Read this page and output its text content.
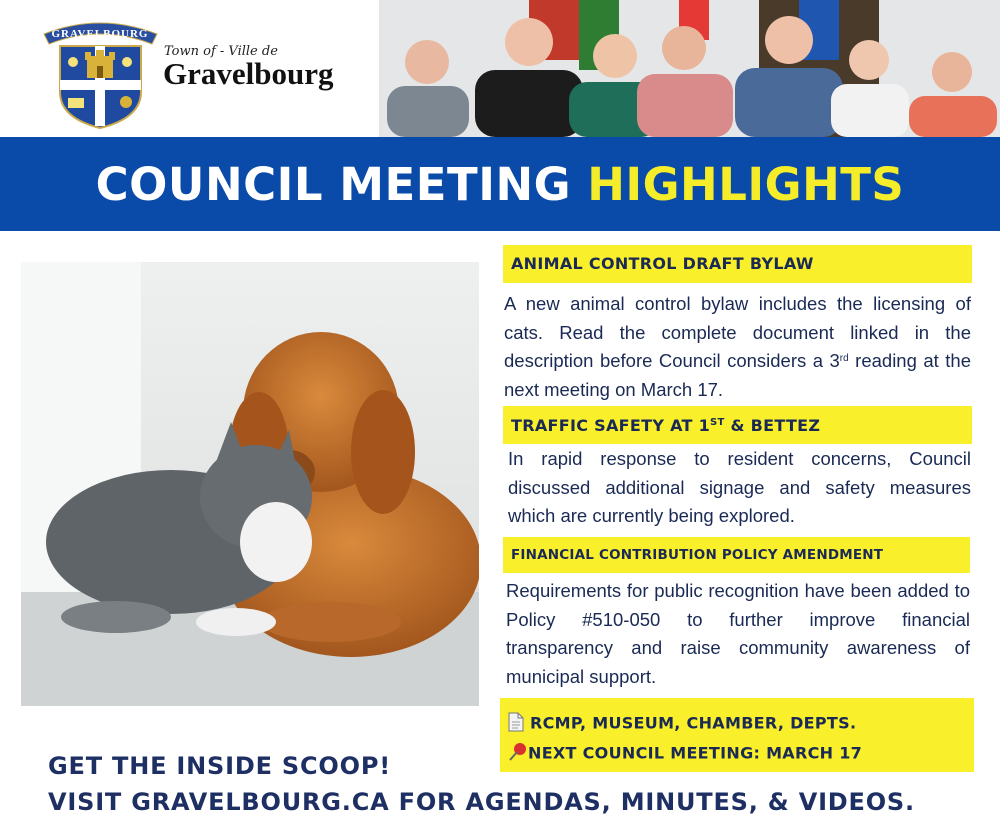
GRAVELBOURG
Town of - Ville de
Gravelbourg
COUNCIL MEETING HIGHLIGHTS
ANIMAL CONTROL DRAFT BYLAW
A new animal control bylaw includes the licensing of cats. Read the complete document linked in the description before Council considers a 3rd reading at the next meeting on March 17.
TRAFFIC SAFETY AT 1ST & BETTEZ
In rapid response to resident concerns, Council discussed additional signage and safety measures which are currently being explored.
FINANCIAL CONTRIBUTION POLICY AMENDMENT
Requirements for public recognition have been added to Policy #510-050 to further improve financial transparency and raise community awareness of municipal support.
RCMP, MUSEUM, CHAMBER, DEPTS.
NEXT COUNCIL MEETING: MARCH 17
GET THE INSIDE SCOOP!
VISIT GRAVELBOURG.CA FOR AGENDAS, MINUTES, & VIDEOS.
